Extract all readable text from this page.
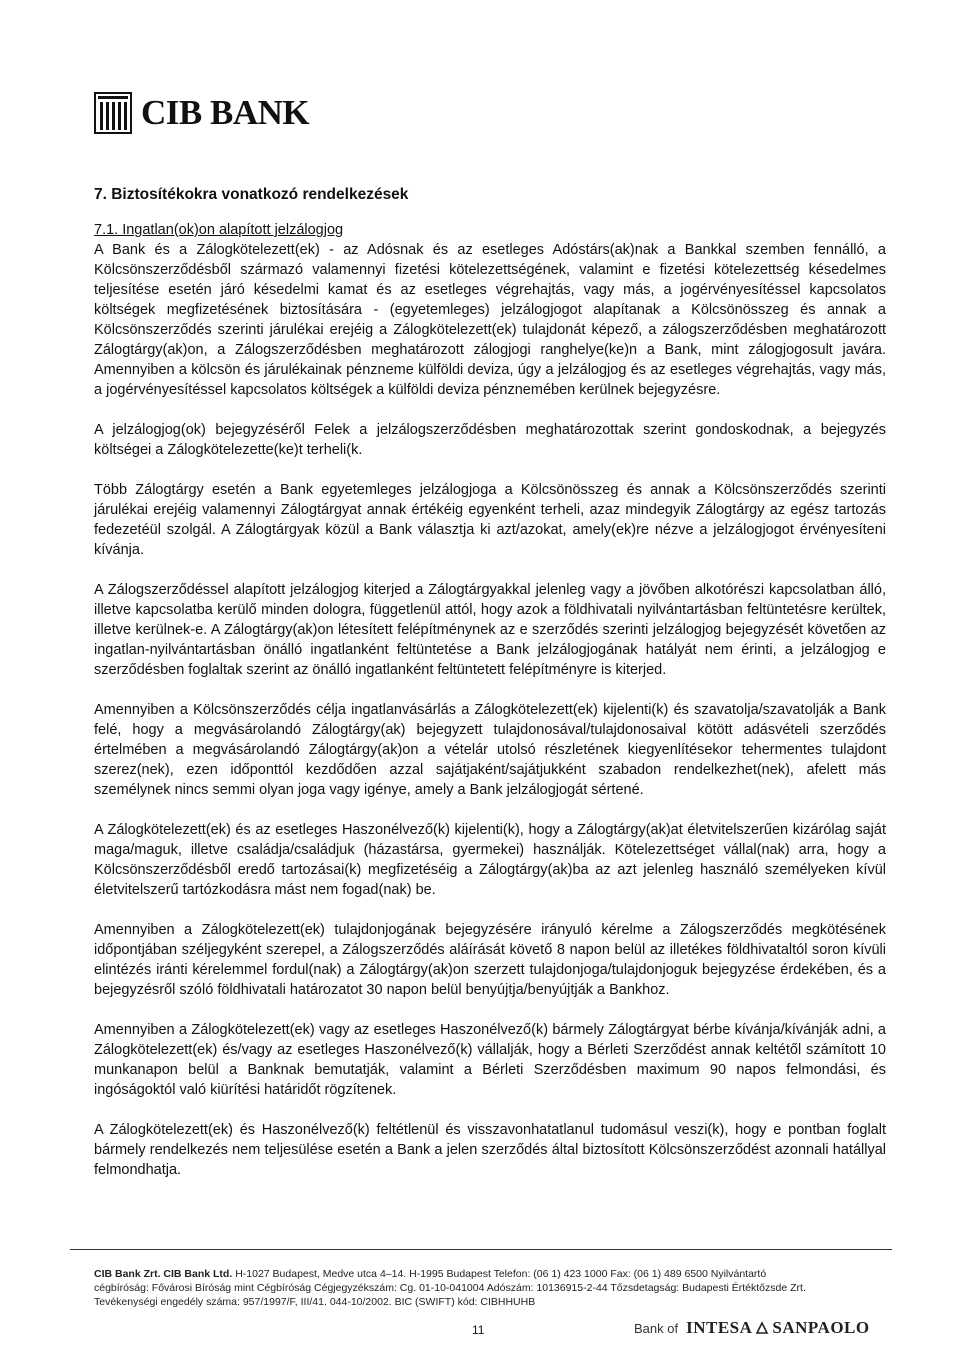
CIB BANK
7. Biztosítékokra vonatkozó rendelkezések

7.1. Ingatlan(ok)on alapított jelzálogjog

A Bank és a Zálogkötelezett(ek) - az Adósnak és az esetleges Adóstárs(ak)nak a Bankkal szemben fennálló, a Kölcsönszerződésből származó valamennyi fizetési kötelezettségének, valamint e fizetési kötelezettség késedelmes teljesítése esetén járó késedelmi kamat és az esetleges végrehajtás, vagy más, a jogérvényesítéssel kapcsolatos költségek megfizetésének biztosítására - (egyetemleges) jelzálogjogot alapítanak a Kölcsönösszeg és annak a Kölcsönszerződés szerinti járulékai erejéig a Zálogkötelezett(ek) tulajdonát képező, a zálogszerződésben meghatározott Zálogtárgy(ak)on, a Zálogszerződésben meghatározott zálogjogi ranghelye(ke)n a Bank, mint zálogjogosult javára. Amennyiben a kölcsön és járulékainak pénzneme külföldi deviza, úgy a jelzálogjog és az esetleges végrehajtás, vagy más, a jogérvényesítéssel kapcsolatos költségek a külföldi deviza pénznemében kerülnek bejegyzésre.

A jelzálogjog(ok) bejegyzéséről Felek a jelzálogszerződésben meghatározottak szerint gondoskodnak, a bejegyzés költségei a Zálogkötelezette(ke)t terheli(k.

Több Zálogtárgy esetén a Bank egyetemleges jelzálogjoga a Kölcsönösszeg és annak a Kölcsönszerződés szerinti járulékai erejéig valamennyi Zálogtárgyat annak értékéig egyenként terheli, azaz mindegyik Zálogtárgy az egész tartozás fedezetéül szolgál. A Zálogtárgyak közül a Bank választja ki azt/azokat, amely(ek)re nézve a jelzálogjogot érvényesíteni kívánja.

A Zálogszerződéssel alapított jelzálogjog kiterjed a Zálogtárgyakkal jelenleg vagy a jövőben alkotórészi kapcsolatban álló, illetve kapcsolatba kerülő minden dologra, függetlenül attól, hogy azok a földhivatali nyilvántartásban feltüntetésre kerültek, illetve kerülnek-e. A Zálogtárgy(ak)on létesített felépítménynek az e szerződés szerinti jelzálogjog bejegyzését követően az ingatlan-nyilvántartásban önálló ingatlanként feltüntetése a Bank jelzálogjogának hatályát nem érinti, a jelzálogjog e szerződésben foglaltak szerint az önálló ingatlanként feltüntetett felépítményre is kiterjed.

Amennyiben a Kölcsönszerződés célja ingatlanvásárlás a Zálogkötelezett(ek) kijelenti(k) és szavatolja/szavatolják a Bank felé, hogy a megvásárolandó Zálogtárgy(ak) bejegyzett tulajdonosával/tulajdonosaival kötött adásvételi szerződés értelmében a megvásárolandó Zálogtárgy(ak)on a vételár utolsó részletének kiegyenlítésekor tehermentes tulajdont szerez(nek), ezen időponttól kezdődően azzal sajátjaként/sajátjukként szabadon rendelkezhet(nek), afelett más személynek nincs semmi olyan joga vagy igénye, amely a Bank jelzálogjogát sértené.

A Zálogkötelezett(ek) és az esetleges Haszonélvező(k) kijelenti(k), hogy a Zálogtárgy(ak)at életvitelszerűen kizárólag saját maga/maguk, illetve családja/családjuk (házastársa, gyermekei) használják. Kötelezettséget vállal(nak) arra, hogy a Kölcsönszerződésből eredő tartozásai(k) megfizetéséig a Zálogtárgy(ak)ba az azt jelenleg használó személyeken kívül életvitelszerű tartózkodásra mást nem fogad(nak) be.

Amennyiben a Zálogkötelezett(ek) tulajdonjogának bejegyzésére irányuló kérelme a Zálogszerződés megkötésének időpontjában széljegyként szerepel, a Zálogszerződés aláírását követő 8 napon belül az illetékes földhivataltól soron kívüli elintézés iránti kérelemmel fordul(nak) a Zálogtárgy(ak)on szerzett tulajdonjoga/tulajdonjoguk bejegyzése érdekében, és a bejegyzésről szóló földhivatali határozatot 30 napon belül benyújtja/benyújtják a Bankhoz.

Amennyiben a Zálogkötelezett(ek) vagy az esetleges Haszonélvező(k) bármely Zálogtárgyat bérbe kívánja/kívánják adni, a Zálogkötelezett(ek) és/vagy az esetleges Haszonélvező(k) vállalják, hogy a Bérleti Szerződést annak keltétől számított 10 munkanapon belül a Banknak bemutatják, valamint a Bérleti Szerződésben maximum 90 napos felmondási, és ingóságoktól való kiürítési határidőt rögzítenek.

A Zálogkötelezett(ek) és Haszonélvező(k) feltétlenül és visszavonhatatlanul tudomásul veszi(k), hogy e pontban foglalt bármely rendelkezés nem teljesülése esetén a Bank a jelen szerződés által biztosított Kölcsönszerződést azonnali hatállyal felmondhatja.

CIB Bank Zrt. CIB Bank Ltd. H-1027 Budapest, Medve utca 4–14. H-1995 Budapest Telefon: (06 1) 423 1000 Fax: (06 1) 489 6500 Nyilvántartó
cégbíróság: Fővárosi Bíróság mint Cégbíróság Cégjegyzékszám: Cg. 01-10-041004 Adószám: 10136915-2-44 Tőzsdetagság: Budapesti Értéktőzsde Zrt.
Tevékenységi engedély száma: 957/1997/F, III/41. 044-10/2002. BIC (SWIFT) kód: CIBHHUHB
11	Bank of INTESA SANPAOLO
